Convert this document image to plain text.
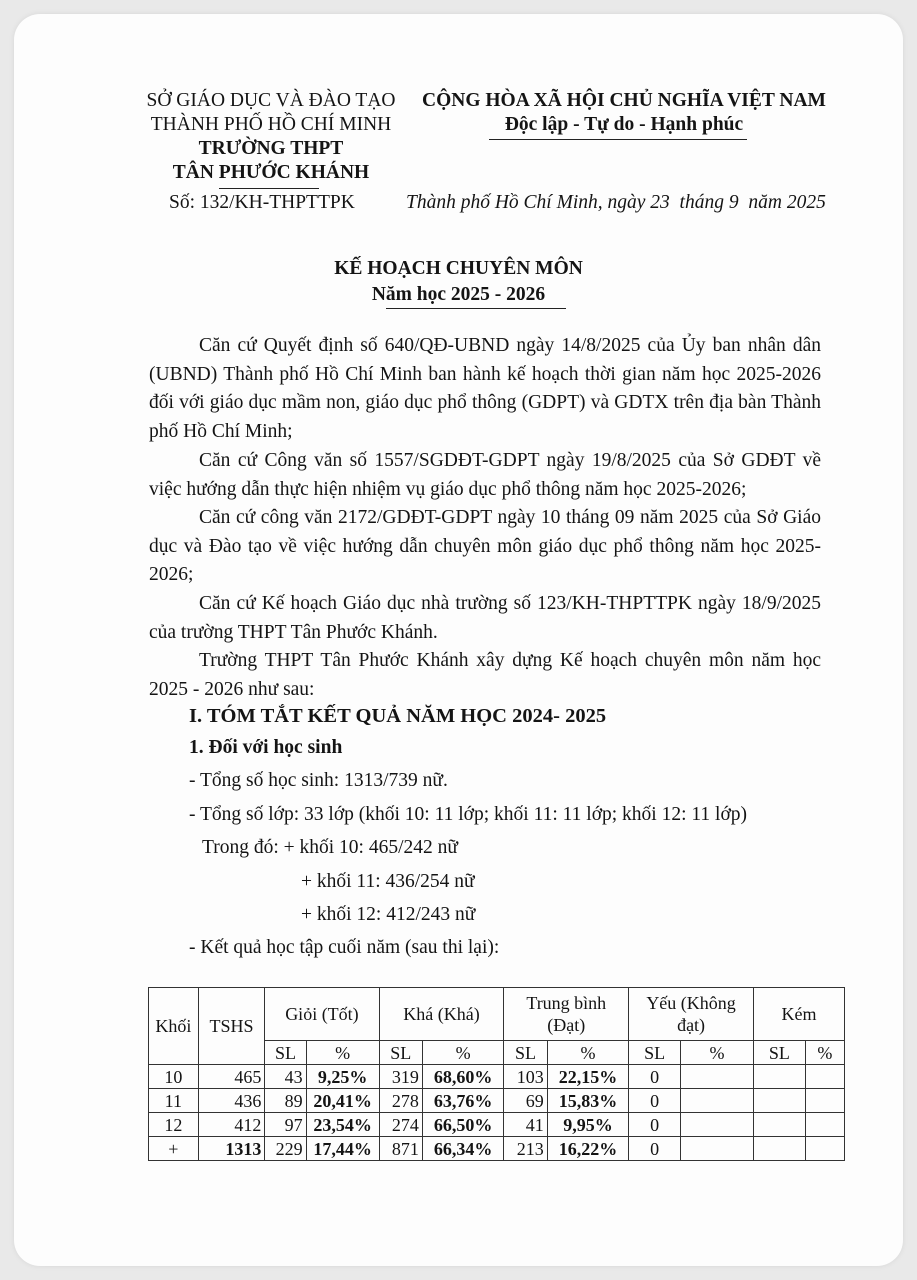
SỞ GIÁO DỤC VÀ ĐÀO TẠO
THÀNH PHỐ HỒ CHÍ MINH
TRƯỜNG THPT
TÂN PHƯỚC KHÁNH
Số: 132/KH-THPTTPK
CỘNG HÒA XÃ HỘI CHỦ NGHĨA VIỆT NAM
Độc lập - Tự do - Hạnh phúc
Thành phố Hồ Chí Minh, ngày 23 tháng 9 năm 2025
KẾ HOẠCH CHUYÊN MÔN
Năm học 2025 - 2026
Căn cứ Quyết định số 640/QĐ-UBND ngày 14/8/2025 của Ủy ban nhân dân (UBND) Thành phố Hồ Chí Minh ban hành kế hoạch thời gian năm học 2025-2026 đối với giáo dục mầm non, giáo dục phổ thông (GDPT) và GDTX trên địa bàn Thành phố Hồ Chí Minh;
Căn cứ Công văn số 1557/SGDĐT-GDPT ngày 19/8/2025 của Sở GDĐT về việc hướng dẫn thực hiện nhiệm vụ giáo dục phổ thông năm học 2025-2026;
Căn cứ công văn 2172/GDĐT-GDPT ngày 10 tháng 09 năm 2025 của Sở Giáo dục và Đào tạo về việc hướng dẫn chuyên môn giáo dục phổ thông năm học 2025-2026;
Căn cứ Kế hoạch Giáo dục nhà trường số 123/KH-THPTTPK ngày 18/9/2025 của trường THPT Tân Phước Khánh.
Trường THPT Tân Phước Khánh xây dựng Kế hoạch chuyên môn năm học 2025 - 2026 như sau:
I. TÓM TẮT KẾT QUẢ NĂM HỌC 2024- 2025
1. Đối với học sinh
- Tổng số học sinh: 1313/739 nữ.
- Tổng số lớp: 33 lớp (khối 10: 11 lớp; khối 11: 11 lớp; khối 12: 11 lớp)
Trong đó: + khối 10: 465/242 nữ
+ khối 11: 436/254 nữ
+ khối 12: 412/243 nữ
- Kết quả học tập cuối năm (sau thi lại):
Khối	TSHS	Giỏi (Tốt)		Khá (Khá)		Trung bình (Đạt)		Yếu (Không đạt)		Kém	
		SL	%	SL	%	SL	%	SL	%	SL	%
10	465	43	9,25%	319	68,60%	103	22,15%	0			
11	436	89	20,41%	278	63,76%	69	15,83%	0			
12	412	97	23,54%	274	66,50%	41	9,95%	0			
+	1313	229	17,44%	871	66,34%	213	16,22%	0			
